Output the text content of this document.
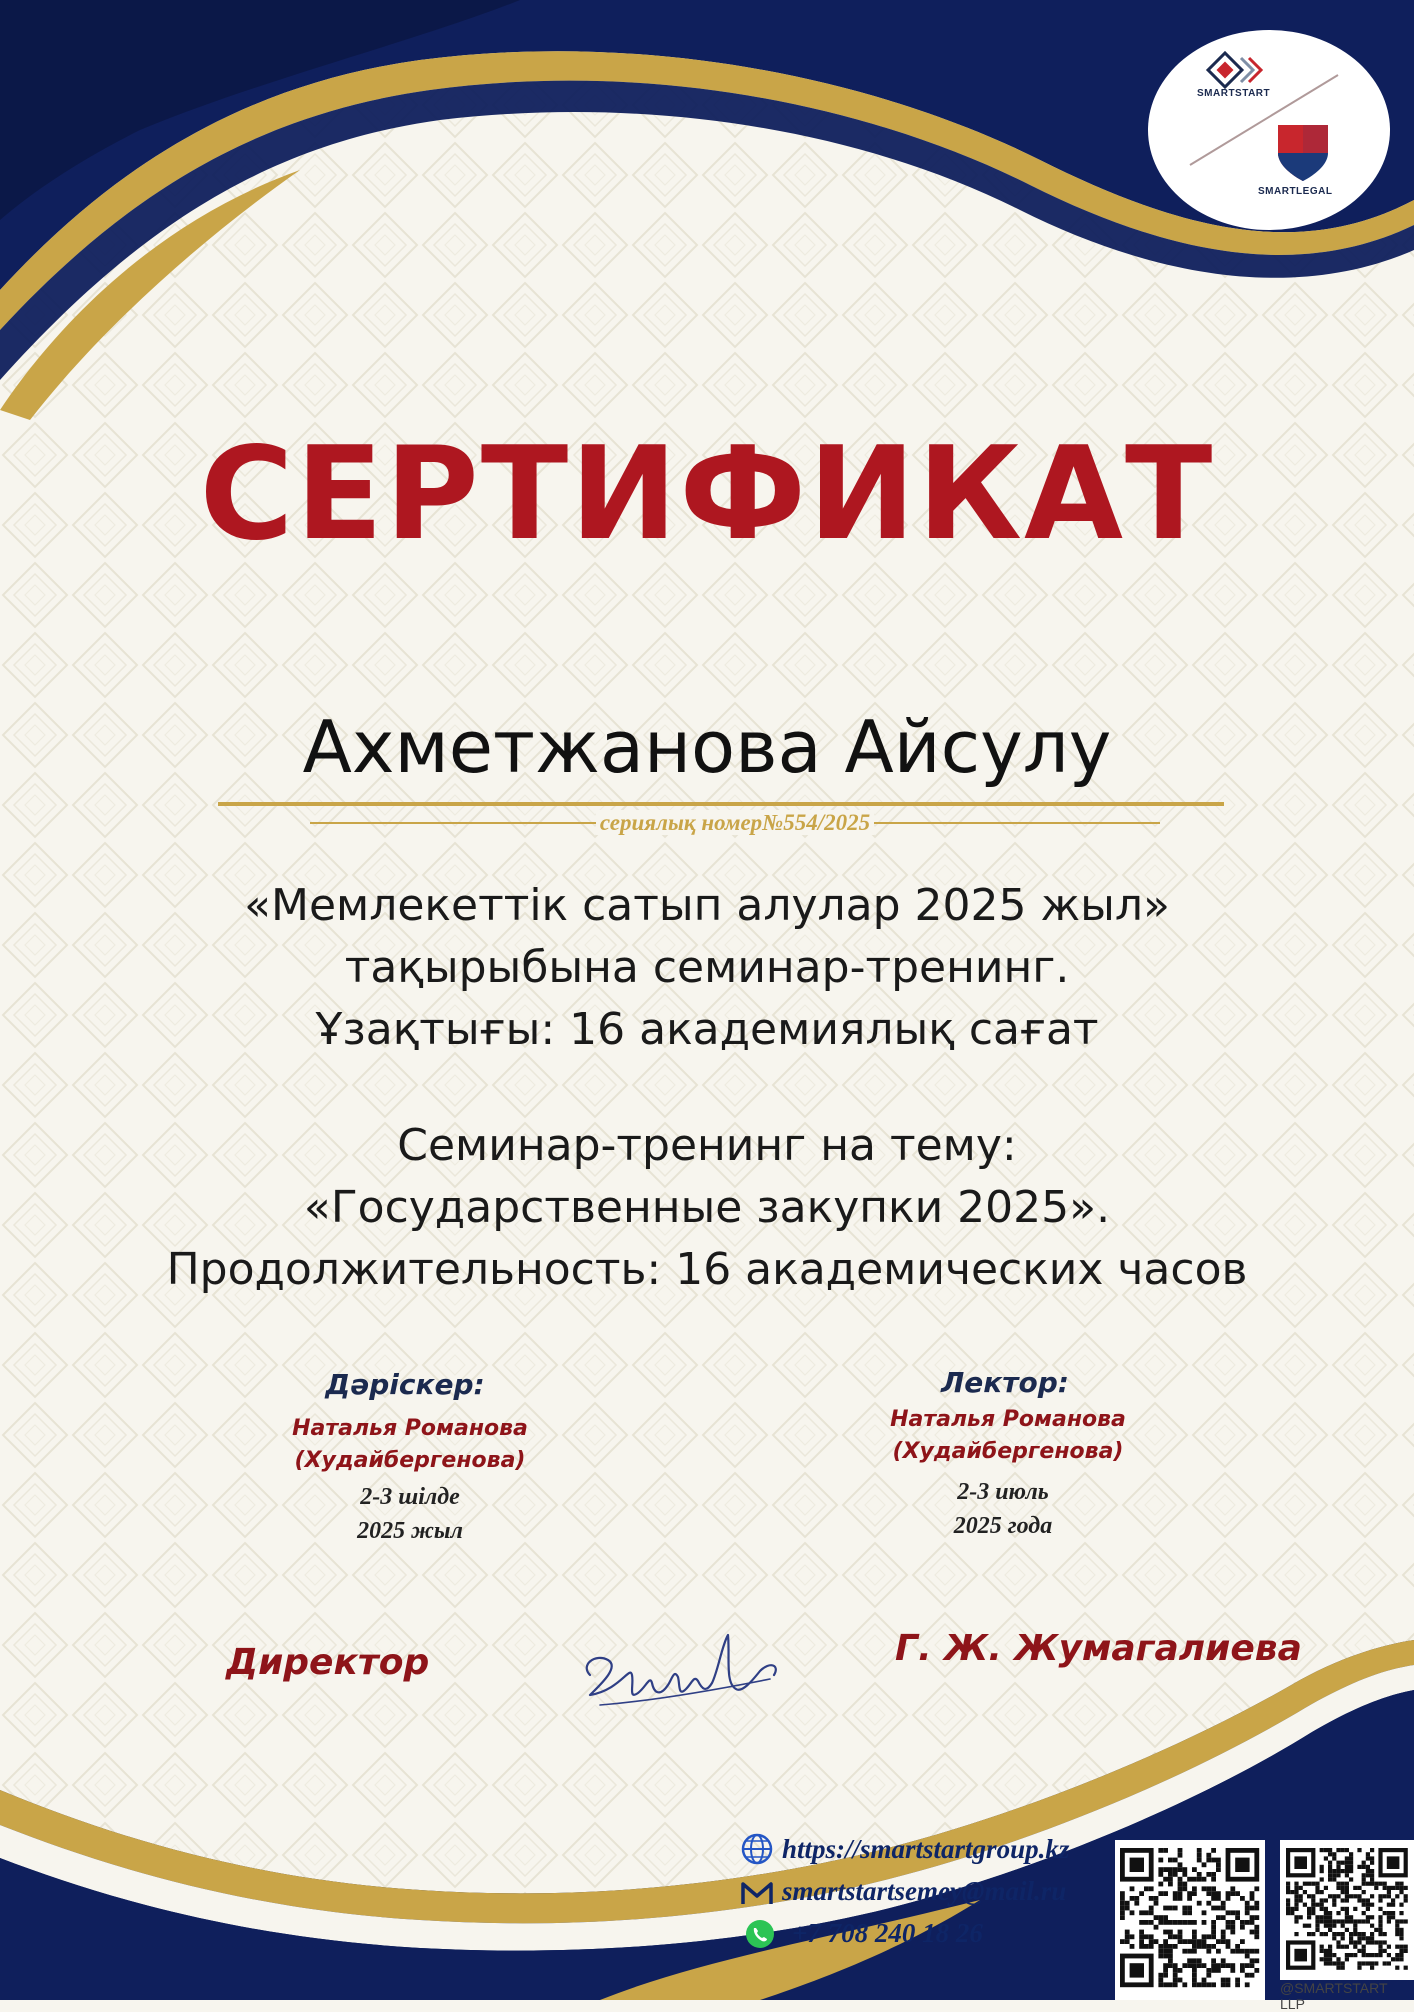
SMARTSTART
SMARTLEGAL
СЕРТИФИКАТ
Ахметжанова Айсулу
сериялық номер№554/2025
«Мемлекеттік сатып алулар 2025 жыл»
тақырыбына семинар-тренинг.
Ұзақтығы: 16 академиялық сағат
Семинар-тренинг на тему:
«Государственные закупки 2025».
Продолжительность: 16 академических часов
Дәрiскер:
Наталья Романова
(Худайбергенова)
2-3 шiлде
2025 жыл
Лектор:
Наталья Романова
(Худайбергенова)
2-3 июль
2025 года
Директор	Г. Ж. Жумагалиева
https://smartstartgroup.kz
smartstartsemey@mail.ru
+7 708 240 18 26
@SMARTSTART LLP
